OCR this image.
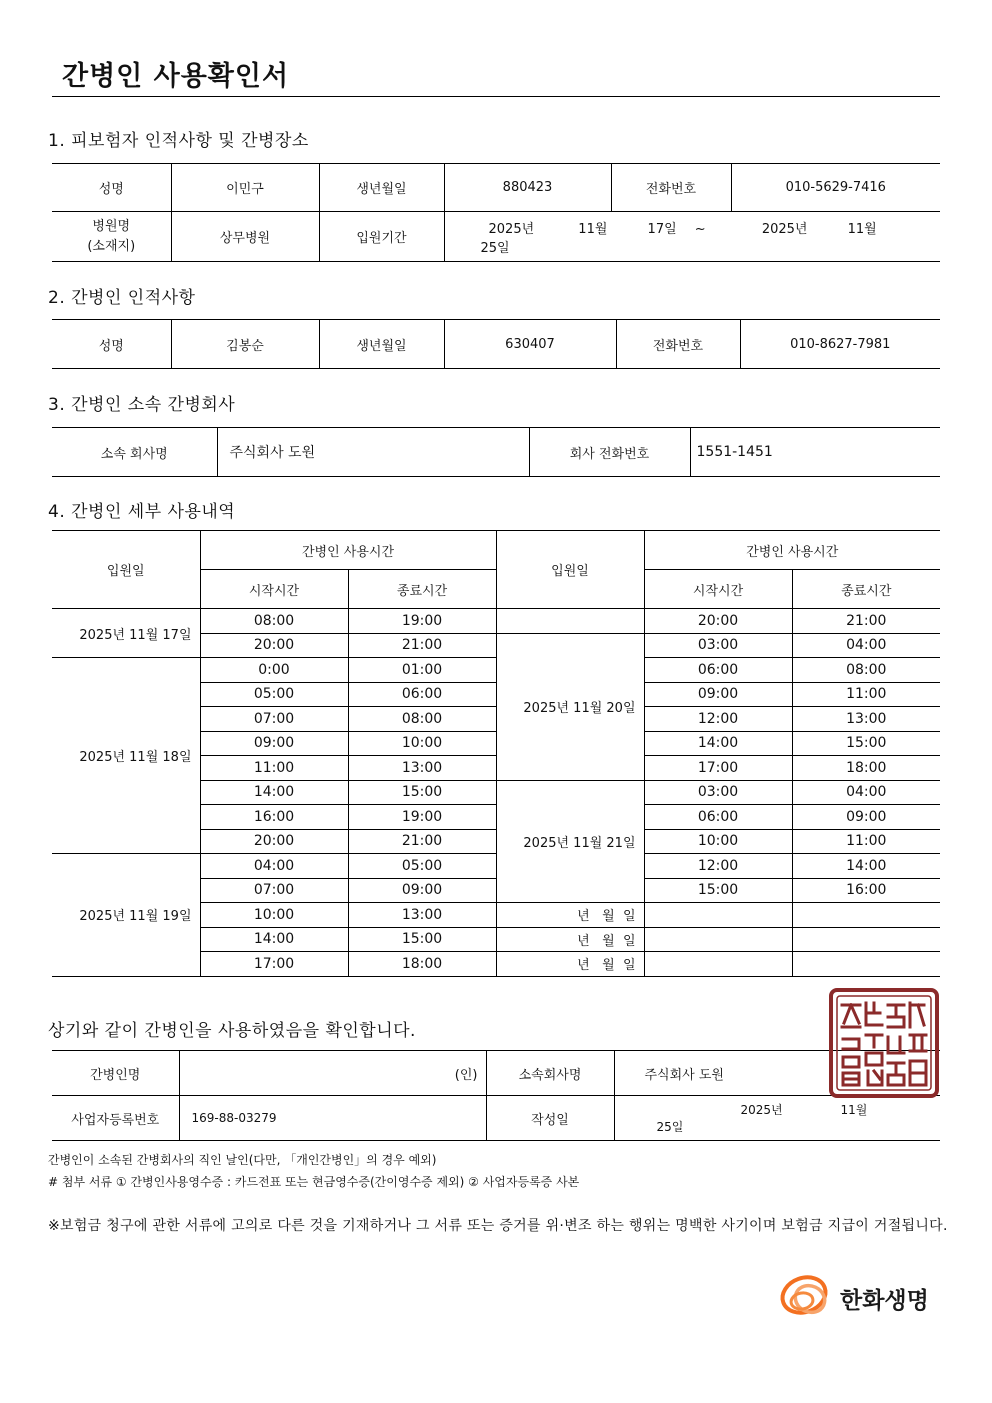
간병인 사용확인서
1. 피보험자 인적사항 및 간병장소
성명	이민구	생년월일	880423	전화번호	010-5629-7416

병원명
(소재지)	상무병원	입원기간	2025년 11월 17일 ~ 2025년 11월 25일		
2. 간병인 인적사항
성명	김봉순	생년월일	630407	전화번호	010-8627-7981
3. 간병인 소속 간병회사
소속 회사명	주식회사 도원	회사 전화번호	1551-1451
4. 간병인 세부 사용내역
입원일	간병인 사용시간		입원일	간병인 사용시간	
	시작시간	종료시간		시작시간	종료시간
2025년 11월 17일	08:00	19:00		20:00	21:00
	20:00	21:00	2025년 11월 20일	03:00	04:00
2025년 11월 18일	0:00	01:00		06:00	08:00
	05:00	06:00		09:00	11:00
	07:00	08:00		12:00	13:00
	09:00	10:00		14:00	15:00
	11:00	13:00		17:00	18:00
	14:00	15:00	2025년 11월 21일	03:00	04:00
	16:00	19:00		06:00	09:00
	20:00	21:00		10:00	11:00
2025년 11월 19일	04:00	05:00		12:00	14:00
	07:00	09:00		15:00	16:00
	10:00	13:00	년   월  일		
	14:00	15:00	년   월  일		
	17:00	18:00	년   월  일		
상기와 같이 간병인을 사용하였음을 확인합니다.
간병인명	(인)	소속회사명	주식회사 도원
사업자등록번호	169-88-03279	작성일	2025년 11월 25일
간병인이 소속된 간병회사의 직인 날인(다만, 「개인간병인」의 경우 예외)
# 첨부 서류 ① 간병인사용영수증 : 카드전표 또는 현금영수증(간이영수증 제외) ② 사업자등록증 사본
※보험금 청구에 관한 서류에 고의로 다른 것을 기재하거나 그 서류 또는 증거를 위·변조 하는 행위는 명백한 사기이며 보험금 지급이 거절됩니다.
한화생명
